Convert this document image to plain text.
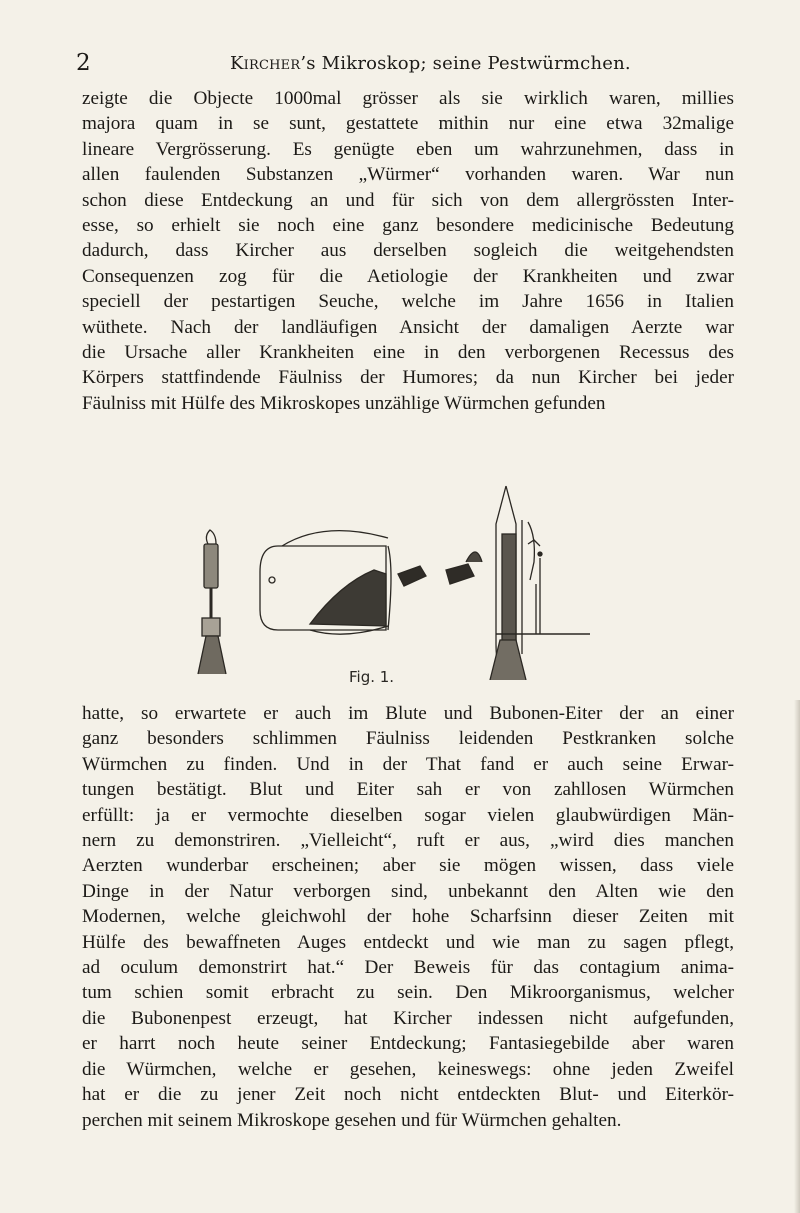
2	Kircher’s Mikroskop; seine Pestwürmchen.

zeigte die Objecte 1000mal grösser als sie wirklich waren, millies
majora quam in se sunt, gestattete mithin nur eine etwa 32malige
lineare Vergrösserung. Es genügte eben um wahrzunehmen, dass in
allen faulenden Substanzen „Würmer“ vorhanden waren. War nun
schon diese Entdeckung an und für sich von dem allergrössten Inter-
esse, so erhielt sie noch eine ganz besondere medicinische Bedeutung
dadurch, dass Kircher aus derselben sogleich die weitgehendsten
Consequenzen zog für die Aetiologie der Krankheiten und zwar
speciell der pestartigen Seuche, welche im Jahre 1656 in Italien
wüthete. Nach der landläufigen Ansicht der damaligen Aerzte war
die Ursache aller Krankheiten eine in den verborgenen Recessus des
Körpers stattfindende Fäulniss der Humores; da nun Kircher bei jeder
Fäulniss mit Hülfe des Mikroskopes unzählige Würmchen gefunden

Fig. 1.

hatte, so erwartete er auch im Blute und Bubonen-Eiter der an einer
ganz besonders schlimmen Fäulniss leidenden Pestkranken solche
Würmchen zu finden. Und in der That fand er auch seine Erwar-
tungen bestätigt. Blut und Eiter sah er von zahllosen Würmchen
erfüllt: ja er vermochte dieselben sogar vielen glaubwürdigen Män-
nern zu demonstriren. „Vielleicht“, ruft er aus, „wird dies manchen
Aerzten wunderbar erscheinen; aber sie mögen wissen, dass viele
Dinge in der Natur verborgen sind, unbekannt den Alten wie den
Modernen, welche gleichwohl der hohe Scharfsinn dieser Zeiten mit
Hülfe des bewaffneten Auges entdeckt und wie man zu sagen pflegt,
ad oculum demonstrirt hat.“ Der Beweis für das contagium anima-
tum schien somit erbracht zu sein. Den Mikroorganismus, welcher
die Bubonenpest erzeugt, hat Kircher indessen nicht aufgefunden,
er harrt noch heute seiner Entdeckung; Fantasiegebilde aber waren
die Würmchen, welche er gesehen, keineswegs: ohne jeden Zweifel
hat er die zu jener Zeit noch nicht entdeckten Blut- und Eiterkör-
perchen mit seinem Mikroskope gesehen und für Würmchen gehalten.
